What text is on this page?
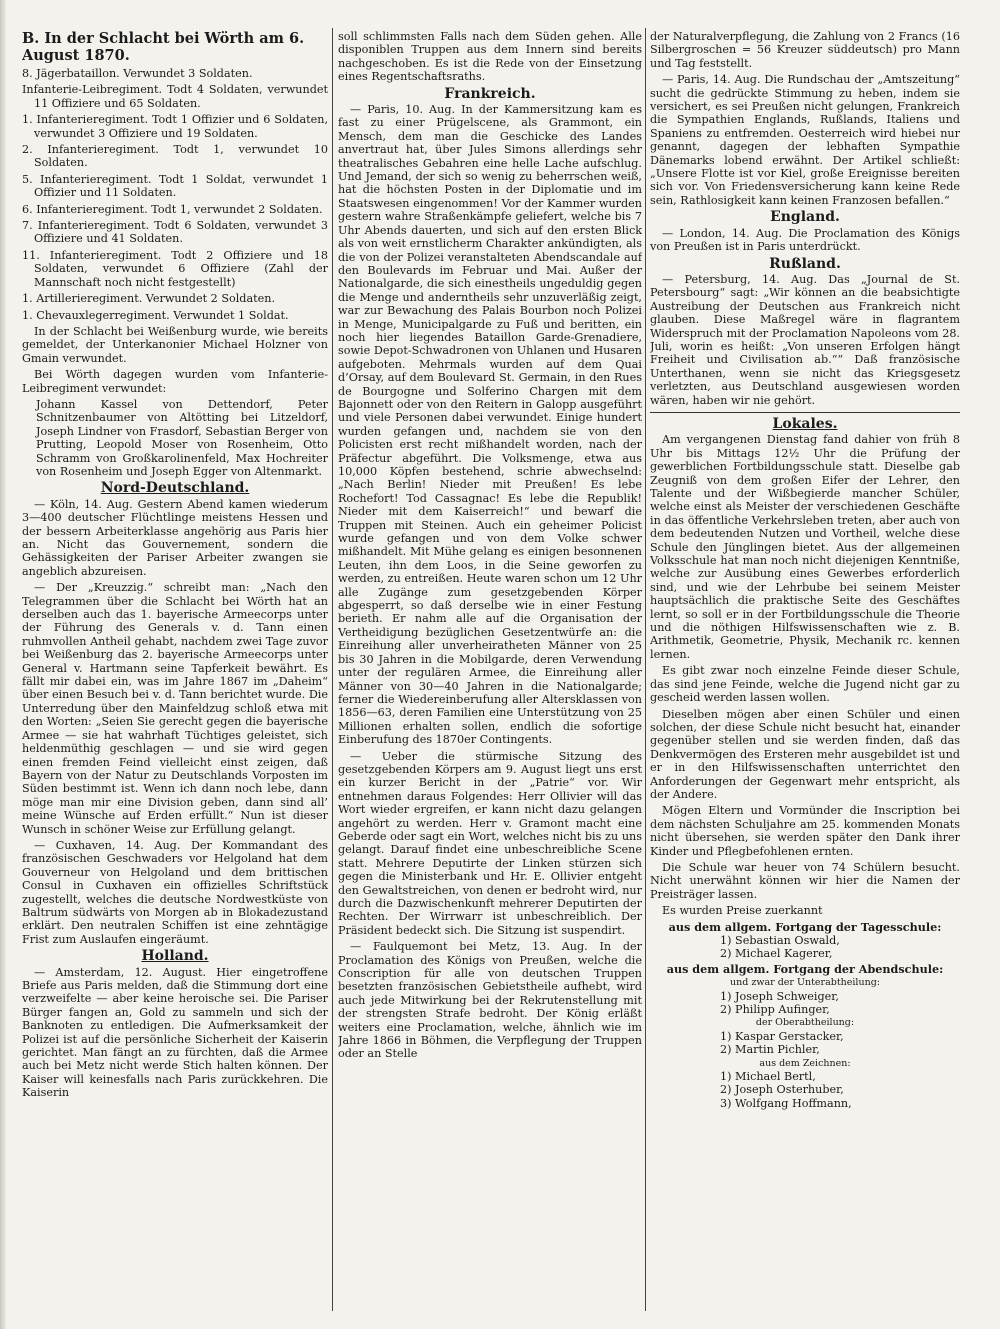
B. In der Schlacht bei Wörth am 6. August 1870.

8. Jägerbataillon. Verwundet 3 Soldaten.

Infanterie-Leibregiment. Todt 4 Soldaten, verwundet 11 Offiziere und 65 Soldaten.

1. Infanterieregiment. Todt 1 Offizier und 6 Soldaten, verwundet 3 Offiziere und 19 Soldaten.

2. Infanterieregiment. Todt 1, verwundet 10 Soldaten.

5. Infanterieregiment. Todt 1 Soldat, verwundet 1 Offizier und 11 Soldaten.

6. Infanterieregiment. Todt 1, verwundet 2 Soldaten.

7. Infanterieregiment. Todt 6 Soldaten, verwundet 3 Offiziere und 41 Soldaten.

11. Infanterieregiment. Todt 2 Offiziere und 18 Soldaten, verwundet 6 Offiziere (Zahl der Mannschaft noch nicht festgestellt)

1. Artillerieregiment. Verwundet 2 Soldaten.

1. Chevauxlegerregiment. Verwundet 1 Soldat.

In der Schlacht bei Weißenburg wurde, wie bereits gemeldet, der Unterkanonier Michael Holzner von Gmain verwundet.

Bei Wörth dagegen wurden vom Infanterie-Leibregiment verwundet:

Johann Kassel von Dettendorf, Peter Schnitzenbaumer von Altötting bei Litzeldorf, Joseph Lindner von Frasdorf, Sebastian Berger von Prutting, Leopold Moser von Rosenheim, Otto Schramm von Großkarolinenfeld, Max Hochreiter von Rosenheim und Joseph Egger von Altenmarkt.

Nord-Deutschland.

— Köln, 14. Aug. Gestern Abend kamen wiederum 3—400 deutscher Flüchtlinge meistens Hessen und der bessern Arbeiterklasse angehörig aus Paris hier an. Nicht das Gouvernement, sondern die Gehässigkeiten der Pariser Arbeiter zwangen sie angeblich abzureisen.

— Der „Kreuzzig.“ schreibt man: „Nach den Telegrammen über die Schlacht bei Wörth hat an derselben auch das 1. bayerische Armeecorps unter der Führung des Generals v. d. Tann einen ruhmvollen Antheil gehabt, nachdem zwei Tage zuvor bei Weißenburg das 2. bayerische Armeecorps unter General v. Hartmann seine Tapferkeit bewährt. Es fällt mir dabei ein, was im Jahre 1867 im „Daheim“ über einen Besuch bei v. d. Tann berichtet wurde. Die Unterredung über den Mainfeldzug schloß etwa mit den Worten: „Seien Sie gerecht gegen die bayerische Armee — sie hat wahrhaft Tüchtiges geleistet, sich heldenmüthig geschlagen — und sie wird gegen einen fremden Feind vielleicht einst zeigen, daß Bayern von der Natur zu Deutschlands Vorposten im Süden bestimmt ist. Wenn ich dann noch lebe, dann möge man mir eine Division geben, dann sind all’ meine Wünsche auf Erden erfüllt.“ Nun ist dieser Wunsch in schöner Weise zur Erfüllung gelangt.

— Cuxhaven, 14. Aug. Der Kommandant des französischen Geschwaders vor Helgoland hat dem Gouverneur von Helgoland und dem brittischen Consul in Cuxhaven ein offizielles Schriftstück zugestellt, welches die deutsche Nordwestküste von Baltrum südwärts von Morgen ab in Blokadezustand erklärt. Den neutralen Schiffen ist eine zehntägige Frist zum Auslaufen eingeräumt.

Holland.

— Amsterdam, 12. August. Hier eingetroffene Briefe aus Paris melden, daß die Stimmung dort eine verzweifelte — aber keine heroische sei. Die Pariser Bürger fangen an, Gold zu sammeln und sich der Banknoten zu entledigen. Die Aufmerksamkeit der Polizei ist auf die persönliche Sicherheit der Kaiserin gerichtet. Man fängt an zu fürchten, daß die Armee auch bei Metz nicht werde Stich halten können. Der Kaiser will keinesfalls nach Paris zurückkehren. Die Kaiserin

soll schlimmsten Falls nach dem Süden gehen. Alle disponiblen Truppen aus dem Innern sind bereits nachgeschoben. Es ist die Rede von der Einsetzung eines Regentschaftsraths.

Frankreich.

— Paris, 10. Aug. In der Kammersitzung kam es fast zu einer Prügelscene, als Grammont, ein Mensch, dem man die Geschicke des Landes anvertraut hat, über Jules Simons allerdings sehr theatralisches Gebahren eine helle Lache aufschlug. Und Jemand, der sich so wenig zu beherrschen weiß, hat die höchsten Posten in der Diplomatie und im Staatswesen eingenommen! Vor der Kammer wurden gestern wahre Straßenkämpfe geliefert, welche bis 7 Uhr Abends dauerten, und sich auf den ersten Blick als von weit ernstlicherm Charakter ankündigten, als die von der Polizei veranstalteten Abendscandale auf den Boulevards im Februar und Mai. Außer der Nationalgarde, die sich einestheils ungeduldig gegen die Menge und anderntheils sehr unzuverläßig zeigt, war zur Bewachung des Palais Bourbon noch Polizei in Menge, Municipalgarde zu Fuß und beritten, ein noch hier liegendes Bataillon Garde-Grenadiere, sowie Depot-Schwadronen von Uhlanen und Husaren aufgeboten. Mehrmals wurden auf dem Quai d’Orsay, auf dem Boulevard St. Germain, in den Rues de Bourgogne und Solferino Chargen mit dem Bajonnett oder von den Reitern in Galopp ausgeführt und viele Personen dabei verwundet. Einige hundert wurden gefangen und, nachdem sie von den Policisten erst recht mißhandelt worden, nach der Präfectur abgeführt. Die Volksmenge, etwa aus 10,000 Köpfen bestehend, schrie abwechselnd: „Nach Berlin! Nieder mit Preußen! Es lebe Rochefort! Tod Cassagnac! Es lebe die Republik! Nieder mit dem Kaiserreich!“ und bewarf die Truppen mit Steinen. Auch ein geheimer Policist wurde gefangen und von dem Volke schwer mißhandelt. Mit Mühe gelang es einigen besonnenen Leuten, ihn dem Loos, in die Seine geworfen zu werden, zu entreißen. Heute waren schon um 12 Uhr alle Zugänge zum gesetzgebenden Körper abgesperrt, so daß derselbe wie in einer Festung berieth. Er nahm alle auf die Organisation der Vertheidigung bezüglichen Gesetzentwürfe an: die Einreihung aller unverheiratheten Männer von 25 bis 30 Jahren in die Mobilgarde, deren Verwendung unter der regulären Armee, die Einreihung aller Männer von 30—40 Jahren in die Nationalgarde; ferner die Wiedereinberufung aller Altersklassen von 1856—63, deren Familien eine Unterstützung von 25 Millionen erhalten sollen, endlich die sofortige Einberufung des 1870er Contingents.

— Ueber die stürmische Sitzung des gesetzgebenden Körpers am 9. August liegt uns erst ein kurzer Bericht in der „Patrie“ vor. Wir entnehmen daraus Folgendes: Herr Ollivier will das Wort wieder ergreifen, er kann nicht dazu gelangen angehört zu werden. Herr v. Gramont macht eine Geberde oder sagt ein Wort, welches nicht bis zu uns gelangt. Darauf findet eine unbeschreibliche Scene statt. Mehrere Deputirte der Linken stürzen sich gegen die Ministerbank und Hr. E. Ollivier entgeht den Gewaltstreichen, von denen er bedroht wird, nur durch die Dazwischenkunft mehrerer Deputirten der Rechten. Der Wirrwarr ist unbeschreiblich. Der Präsident bedeckt sich. Die Sitzung ist suspendirt.

— Faulquemont bei Metz, 13. Aug. In der Proclamation des Königs von Preußen, welche die Conscription für alle von deutschen Truppen besetzten französischen Gebietstheile aufhebt, wird auch jede Mitwirkung bei der Rekrutenstellung mit der strengsten Strafe bedroht. Der König erläßt weiters eine Proclamation, welche, ähnlich wie im Jahre 1866 in Böhmen, die Verpflegung der Truppen oder an Stelle

der Naturalverpflegung, die Zahlung von 2 Francs (16 Silbergroschen = 56 Kreuzer süddeutsch) pro Mann und Tag feststellt.

— Paris, 14. Aug. Die Rundschau der „Amtszeitung“ sucht die gedrückte Stimmung zu heben, indem sie versichert, es sei Preußen nicht gelungen, Frankreich die Sympathien Englands, Rußlands, Italiens und Spaniens zu entfremden. Oesterreich wird hiebei nur genannt, dagegen der lebhaften Sympathie Dänemarks lobend erwähnt. Der Artikel schließt: „Unsere Flotte ist vor Kiel, große Ereignisse bereiten sich vor. Von Friedensversicherung kann keine Rede sein, Rathlosigkeit kann keinen Franzosen befallen.“

England.

— London, 14. Aug. Die Proclamation des Königs von Preußen ist in Paris unterdrückt.

Rußland.

— Petersburg, 14. Aug. Das „Journal de St. Petersbourg“ sagt: „Wir können an die beabsichtigte Austreibung der Deutschen aus Frankreich nicht glauben. Diese Maßregel wäre in flagrantem Widerspruch mit der Proclamation Napoleons vom 28. Juli, worin es heißt: „Von unseren Erfolgen hängt Freiheit und Civilisation ab.““ Daß französische Unterthanen, wenn sie nicht das Kriegsgesetz verletzten, aus Deutschland ausgewiesen worden wären, haben wir nie gehört.

Lokales.

Am vergangenen Dienstag fand dahier von früh 8 Uhr bis Mittags 12½ Uhr die Prüfung der gewerblichen Fortbildungsschule statt. Dieselbe gab Zeugniß von dem großen Eifer der Lehrer, den Talente und der Wißbegierde mancher Schüler, welche einst als Meister der verschiedenen Geschäfte in das öffentliche Verkehrsleben treten, aber auch von dem bedeutenden Nutzen und Vortheil, welche diese Schule den Jünglingen bietet. Aus der allgemeinen Volksschule hat man noch nicht diejenigen Kenntniße, welche zur Ausübung eines Gewerbes erforderlich sind, und wie der Lehrbube bei seinem Meister hauptsächlich die praktische Seite des Geschäftes lernt, so soll er in der Fortbildungsschule die Theorie und die nöthigen Hilfswissenschaften wie z. B. Arithmetik, Geometrie, Physik, Mechanik rc. kennen lernen.

Es gibt zwar noch einzelne Feinde dieser Schule, das sind jene Feinde, welche die Jugend nicht gar zu gescheid werden lassen wollen.

Dieselben mögen aber einen Schüler und einen solchen, der diese Schule nicht besucht hat, einander gegenüber stellen und sie werden finden, daß das Denkvermögen des Ersteren mehr ausgebildet ist und er in den Hilfswissenschaften unterrichtet den Anforderungen der Gegenwart mehr entspricht, als der Andere.

Mögen Eltern und Vormünder die Inscription bei dem nächsten Schuljahre am 25. kommenden Monats nicht übersehen, sie werden später den Dank ihrer Kinder und Pflegbefohlenen ernten.

Die Schule war heuer von 74 Schülern besucht. Nicht unerwähnt können wir hier die Namen der Preisträger lassen.

Es wurden Preise zuerkannt

aus dem allgem. Fortgang der Tagesschule:

1) Sebastian Oswald,

2) Michael Kagerer,

aus dem allgem. Fortgang der Abendschule:
und zwar der Unterabtheilung:

1) Joseph Schweiger,

2) Philipp Aufinger,

der Oberabtheilung:

1) Kaspar Gerstacker,

2) Martin Pichler,

aus dem Zeichnen:

1) Michael Bertl,

2) Joseph Osterhuber,

3) Wolfgang Hoffmann,
